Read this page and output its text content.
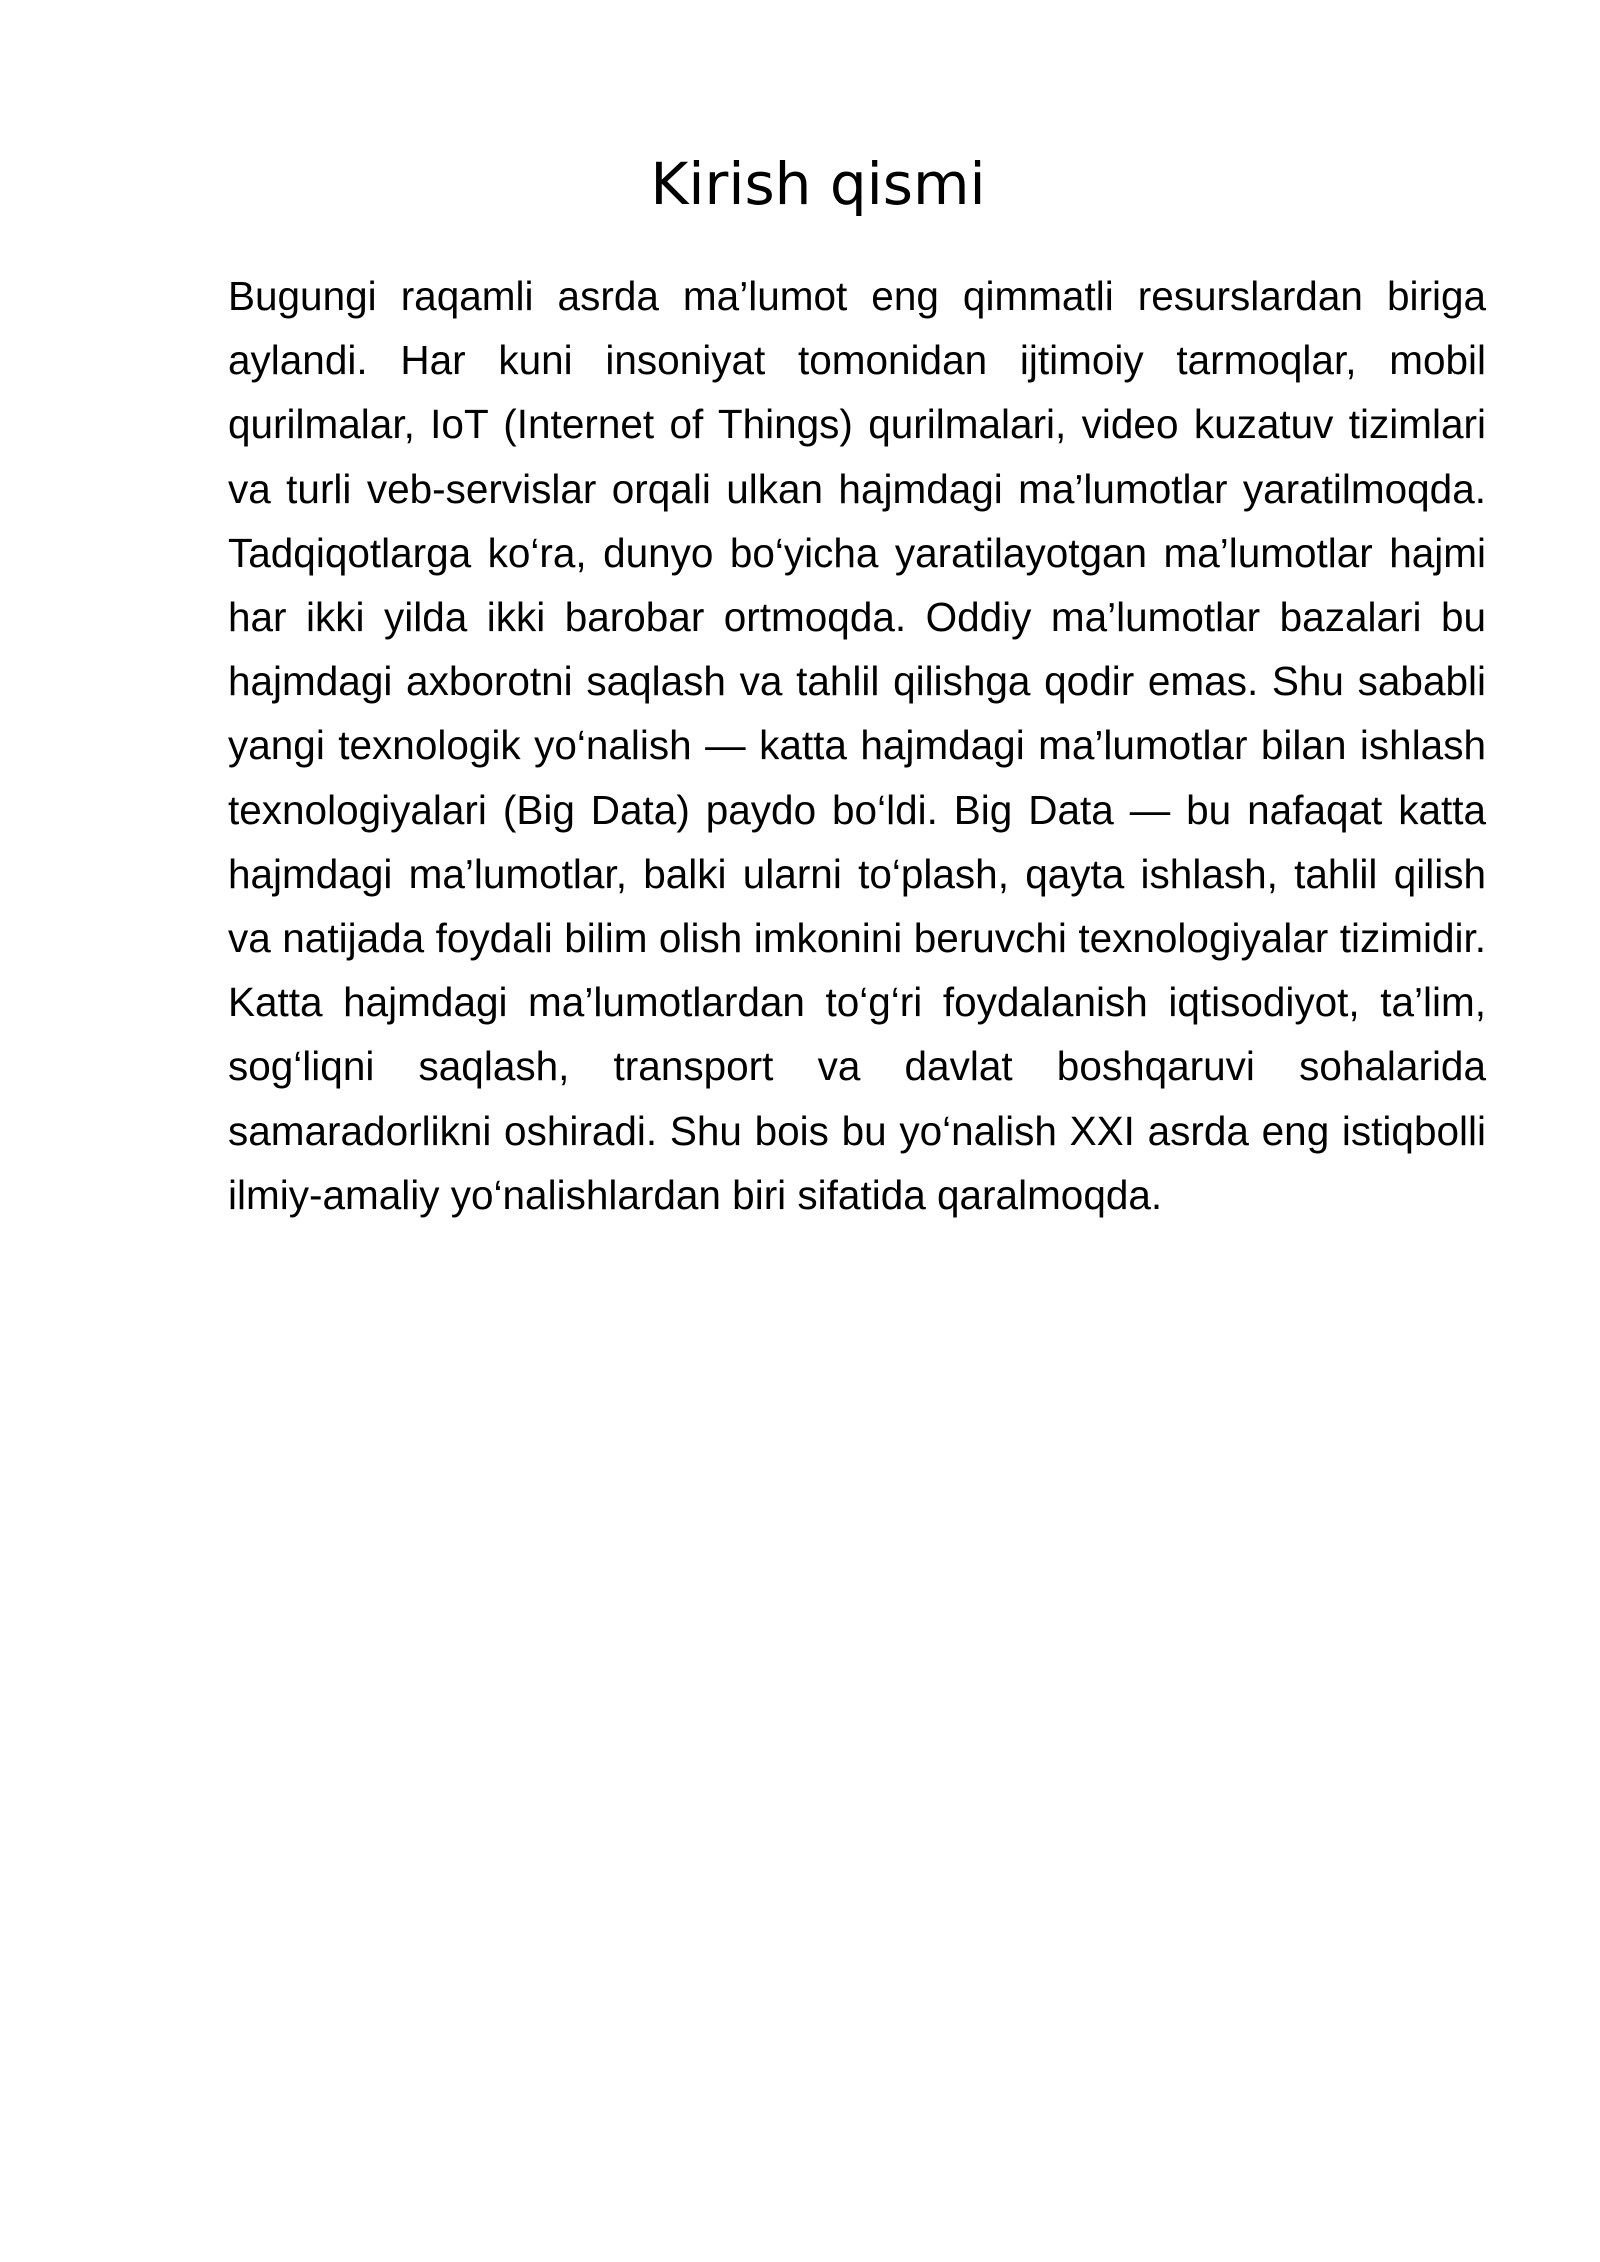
Kirish qismi

Bugungi raqamli asrda ma’lumot eng qimmatli resurslardan biriga aylandi. Har kuni insoniyat tomonidan ijtimoiy tarmoqlar, mobil qurilmalar, IoT (Internet of Things) qurilmalari, video kuzatuv tizimlari va turli veb-servislar orqali ulkan hajmdagi ma’lumotlar yaratilmoqda. Tadqiqotlarga ko‘ra, dunyo bo‘yicha yaratilayotgan ma’lumotlar hajmi har ikki yilda ikki barobar ortmoqda. Oddiy ma’lumotlar bazalari bu hajmdagi axborotni saqlash va tahlil qilishga qodir emas. Shu sababli yangi texnologik yo‘nalish — katta hajmdagi ma’lumotlar bilan ishlash texnologiyalari (Big Data) paydo bo‘ldi. Big Data — bu nafaqat katta hajmdagi ma’lumotlar, balki ularni to‘plash, qayta ishlash, tahlil qilish va natijada foydali bilim olish imkonini beruvchi texnologiyalar tizimidir. Katta hajmdagi ma’lumotlardan to‘g‘ri foydalanish iqtisodiyot, ta’lim, sog‘liqni saqlash, transport va davlat boshqaruvi sohalarida samaradorlikni oshiradi. Shu bois bu yo‘nalish XXI asrda eng istiqbolli ilmiy-amaliy yo‘nalishlardan biri sifatida qaralmoqda.
